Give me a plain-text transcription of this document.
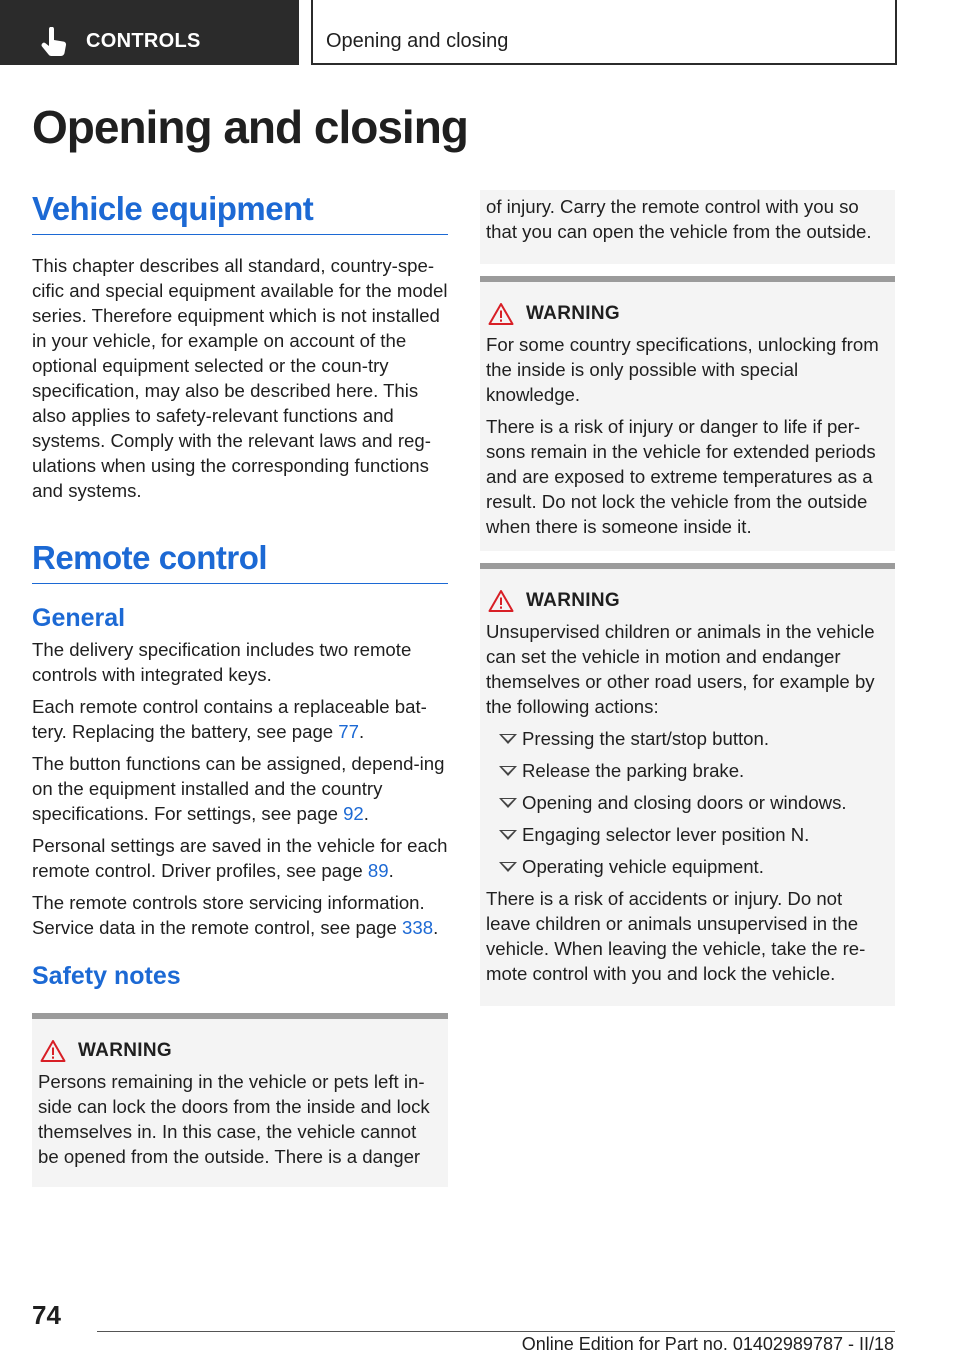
CONTROLS	Opening and closing
Opening and closing
Vehicle equipment

This chapter describes all standard, country-spe‐cific and special equipment available for the model series. Therefore equipment which is not installed in your vehicle, for example on account of the optional equipment selected or the coun‐try specification, may also be described here. This also applies to safety-relevant functions and systems. Comply with the relevant laws and reg‐ulations when using the corresponding functions and systems.

Remote control
General

The delivery specification includes two remote controls with integrated keys.

Each remote control contains a replaceable bat‐tery. Replacing the battery, see page 77.

The button functions can be assigned, depend‐ing on the equipment installed and the country specifications. For settings, see page 92.

Personal settings are saved in the vehicle for each remote control. Driver profiles, see page 89.

The remote controls store servicing information. Service data in the remote control, see page 338.

Safety notes
WARNING

Persons remaining in the vehicle or pets left in‐side can lock the doors from the inside and lock themselves in. In this case, the vehicle cannot be opened from the outside. There is a danger

of injury. Carry the remote control with you so that you can open the vehicle from the outside.

WARNING

For some country specifications, unlocking from the inside is only possible with special knowledge.

There is a risk of injury or danger to life if per‐sons remain in the vehicle for extended periods and are exposed to extreme temperatures as a result. Do not lock the vehicle from the outside when there is someone inside it.

WARNING

Unsupervised children or animals in the vehicle can set the vehicle in motion and endanger themselves or other road users, for example by the following actions:

Pressing the start/stop button.
Release the parking brake.
Opening and closing doors or windows.
Engaging selector lever position N.
Operating vehicle equipment.

There is a risk of accidents or injury. Do not leave children or animals unsupervised in the vehicle. When leaving the vehicle, take the re‐mote control with you and lock the vehicle.

74
Online Edition for Part no. 01402989787 - II/18
